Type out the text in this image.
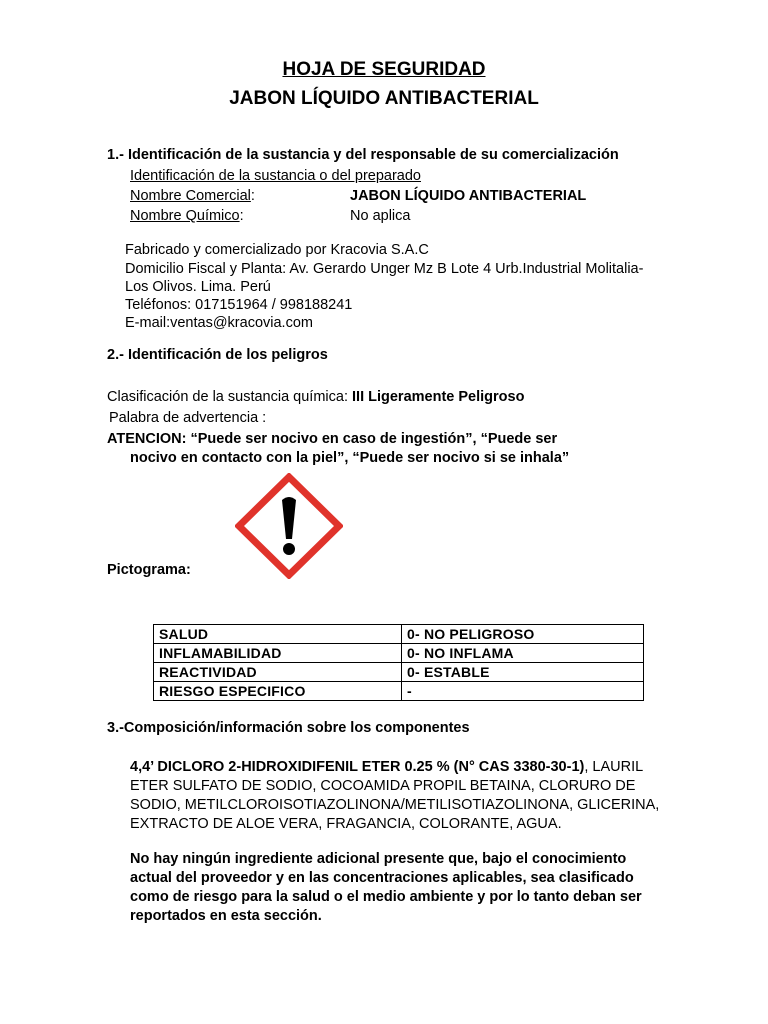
HOJA DE SEGURIDAD
JABON LÍQUIDO ANTIBACTERIAL
1.- Identificación de la sustancia y del responsable de su comercialización
Identificación de la sustancia o del preparado
Nombre Comercial:	JABON LÍQUIDO ANTIBACTERIAL
Nombre Químico:	No aplica
Fabricado y comercializado por Kracovia S.A.C
Domicilio Fiscal y Planta: Av. Gerardo Unger Mz B Lote 4 Urb.Industrial Molitalia-
Los Olivos. Lima. Perú
Teléfonos: 017151964 / 998188241
E-mail:ventas@kracovia.com
2.- Identificación de los peligros
Clasificación de la sustancia química: III Ligeramente Peligroso
Palabra de advertencia :
ATENCION: “Puede ser nocivo en caso de ingestión”, “Puede ser
nocivo en contacto con la piel”, “Puede ser nocivo si se inhala”
Pictograma:
SALUD	0- NO PELIGROSO
INFLAMABILIDAD	0- NO INFLAMA
REACTIVIDAD	0- ESTABLE
RIESGO ESPECIFICO	-
3.-Composición/información sobre los componentes
4,4’ DICLORO 2-HIDROXIDIFENIL ETER 0.25 % (N° CAS 3380-30-1), LAURIL ETER SULFATO DE SODIO, COCOAMIDA PROPIL BETAINA, CLORURO DE SODIO, METILCLOROISOTIAZOLINONA/METILISOTIAZOLINONA, GLICERINA, EXTRACTO DE ALOE VERA, FRAGANCIA, COLORANTE, AGUA.
No hay ningún ingrediente adicional presente que, bajo el conocimiento actual del proveedor y en las concentraciones aplicables, sea clasificado como de riesgo para la salud o el medio ambiente y por lo tanto deban ser reportados en esta sección.
